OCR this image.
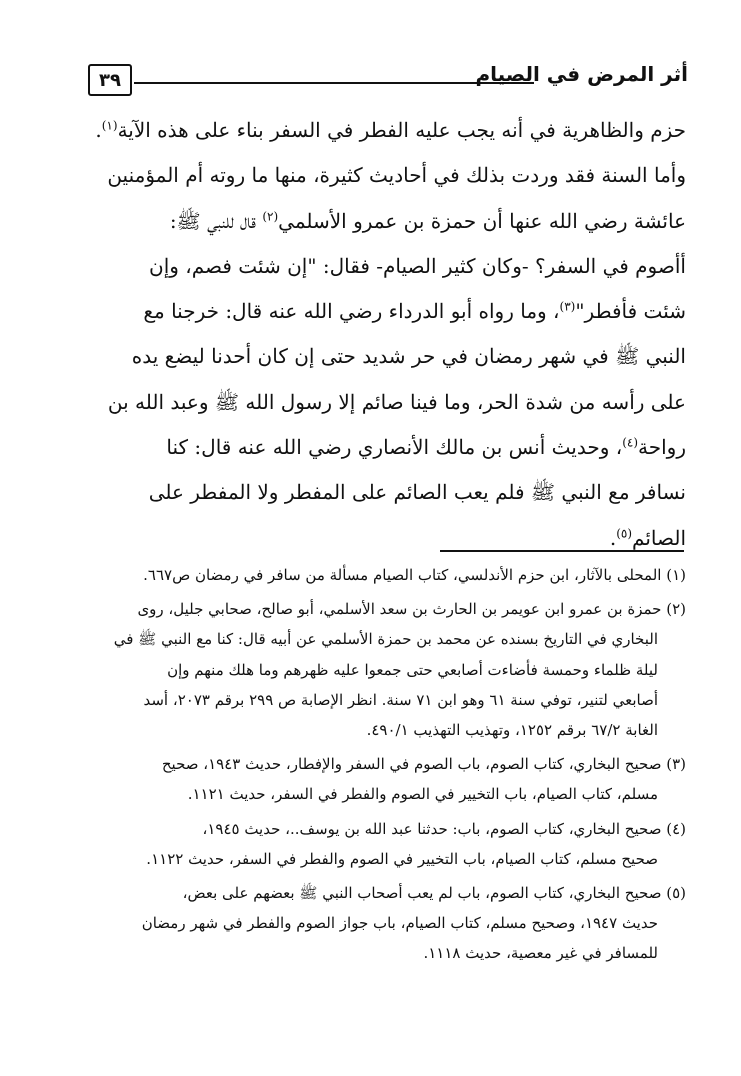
٣٩	أثر المرض في الصيام

حزم والظاهرية في أنه يجب عليه الفطر في السفر بناء على هذه الآية$^{(١)}$.

وأما السنة فقد وردت بذلك في أحاديث كثيرة، منها ما روته أم المؤمنين

عائشة رضي الله عنها أن حمزة بن عمرو الأسلمي$^{(٢)}$ قال للنبي ﷺ:

أأصوم في السفر؟ -وكان كثير الصيام- فقال: "إن شئت فصم، وإن

شئت فأفطر"$^{(٣)}$، وما رواه أبو الدرداء رضي الله عنه قال: خرجنا مع

النبي ﷺ في شهر رمضان في حر شديد حتى إن كان أحدنا ليضع يده

على رأسه من شدة الحر، وما فينا صائم إلا رسول الله ﷺ وعبد الله بن

رواحة$^{(٤)}$، وحديث أنس بن مالك الأنصاري رضي الله عنه قال: كنا

نسافر مع النبي ﷺ فلم يعب الصائم على المفطر ولا المفطر على

الصائم$^{(٥)}$.

(١) المحلى بالآثار، ابن حزم الأندلسي، كتاب الصيام مسألة من سافر في رمضان ص٦٦٧.
(٢) حمزة بن عمرو ابن عويمر بن الحارث بن سعد الأسلمي، أبو صالح، صحابي جليل، روى
البخاري في التاريخ بسنده عن محمد بن حمزة الأسلمي عن أبيه قال: كنا مع النبي ﷺ في
ليلة ظلماء وحمسة فأضاءت أصابعي حتى جمعوا عليه ظهرهم وما هلك منهم وإن
أصابعي لتنير، توفي سنة ٦١ وهو ابن ٧١ سنة. انظر الإصابة ص ٢٩٩ برقم ٢٠٧٣، أسد
الغابة ٦٧/٢ برقم ١٢٥٢، وتهذيب التهذيب ٤٩٠/١.
(٣) صحيح البخاري، كتاب الصوم، باب الصوم في السفر والإفطار، حديث ١٩٤٣، صحيح
مسلم، كتاب الصيام، باب التخيير في الصوم والفطر في السفر، حديث ١١٢١.
(٤) صحيح البخاري، كتاب الصوم، باب: حدثنا عبد الله بن يوسف..، حديث ١٩٤٥،
صحيح مسلم، كتاب الصيام، باب التخيير في الصوم والفطر في السفر، حديث ١١٢٢.
(٥) صحيح البخاري، كتاب الصوم، باب لم يعب أصحاب النبي ﷺ بعضهم على بعض،
حديث ١٩٤٧، وصحيح مسلم، كتاب الصيام، باب جواز الصوم والفطر في شهر رمضان
للمسافر في غير معصية، حديث ١١١٨.
